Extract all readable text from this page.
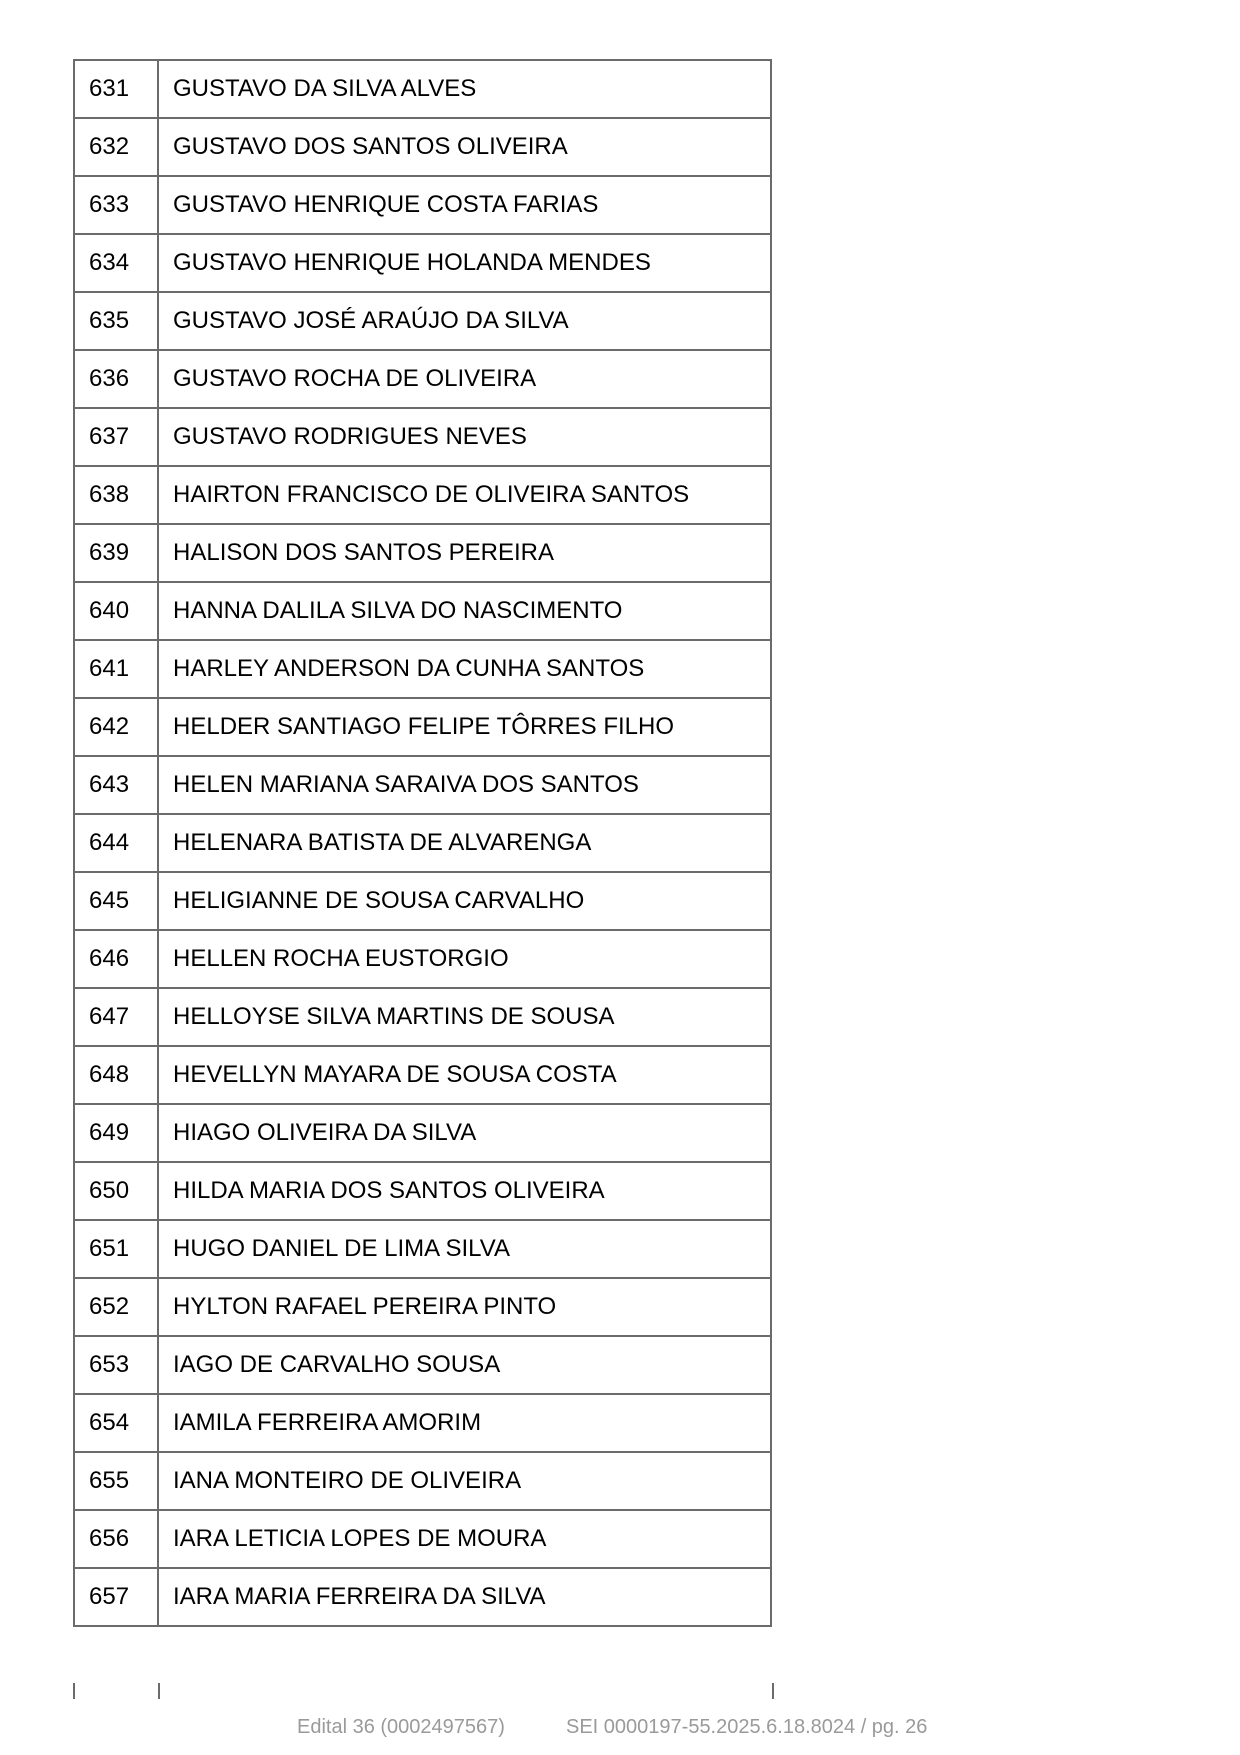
631	GUSTAVO DA SILVA ALVES
632	GUSTAVO DOS SANTOS OLIVEIRA
633	GUSTAVO HENRIQUE COSTA FARIAS
634	GUSTAVO HENRIQUE HOLANDA MENDES
635	GUSTAVO JOSÉ ARAÚJO DA SILVA
636	GUSTAVO ROCHA DE OLIVEIRA
637	GUSTAVO RODRIGUES NEVES
638	HAIRTON FRANCISCO DE OLIVEIRA SANTOS
639	HALISON DOS SANTOS PEREIRA
640	HANNA DALILA SILVA DO NASCIMENTO
641	HARLEY ANDERSON DA CUNHA SANTOS
642	HELDER SANTIAGO FELIPE TÔRRES FILHO
643	HELEN MARIANA SARAIVA DOS SANTOS
644	HELENARA BATISTA DE ALVARENGA
645	HELIGIANNE DE SOUSA CARVALHO
646	HELLEN ROCHA EUSTORGIO
647	HELLOYSE SILVA MARTINS DE SOUSA
648	HEVELLYN MAYARA DE SOUSA COSTA
649	HIAGO OLIVEIRA DA SILVA
650	HILDA MARIA DOS SANTOS OLIVEIRA
651	HUGO DANIEL DE LIMA SILVA
652	HYLTON RAFAEL PEREIRA PINTO
653	IAGO DE CARVALHO SOUSA
654	IAMILA FERREIRA AMORIM
655	IANA MONTEIRO DE OLIVEIRA
656	IARA LETICIA LOPES DE MOURA
657	IARA MARIA FERREIRA DA SILVA
Edital 36 (0002497567)	SEI 0000197-55.2025.6.18.8024 / pg. 26
